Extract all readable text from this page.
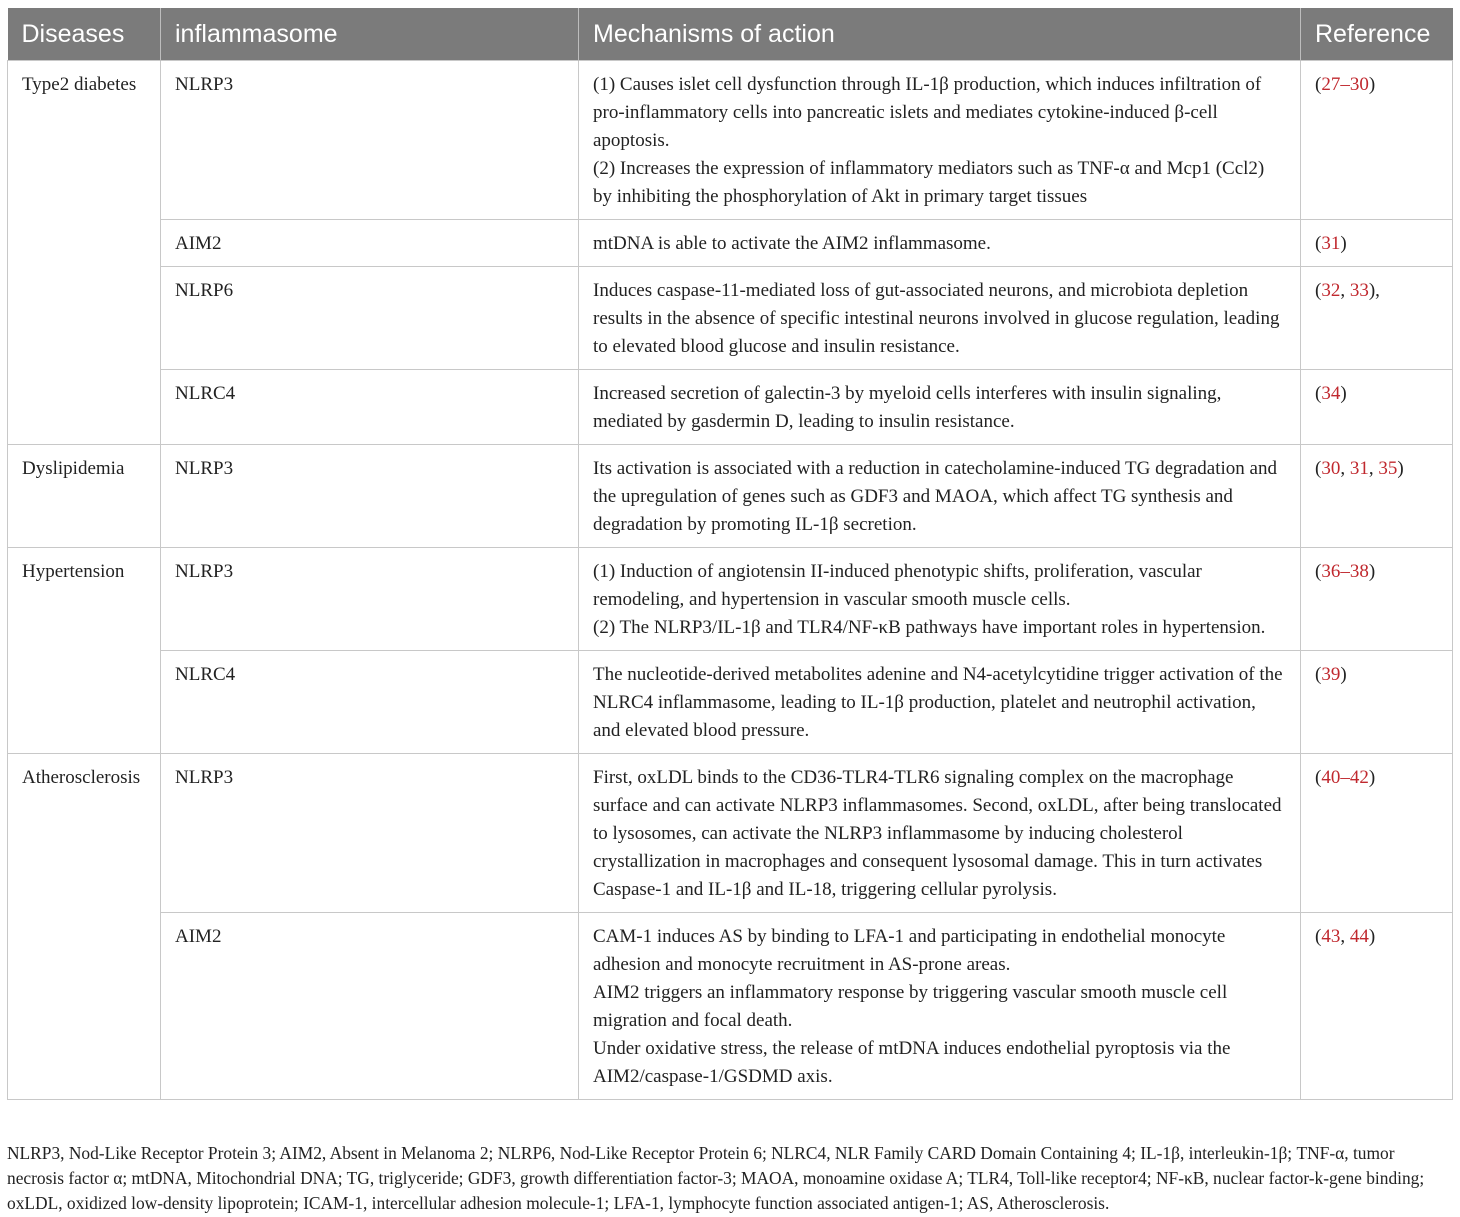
Diseases	inflammasome	Mechanisms of action	Reference
Type2 diabetes	NLRP3	(1) Causes islet cell dysfunction through IL-1β production, which induces infiltration of pro-inflammatory cells into pancreatic islets and mediates cytokine-induced β-cell apoptosis.
(2) Increases the expression of inflammatory mediators such as TNF-α and Mcp1 (Ccl2) by inhibiting the phosphorylation of Akt in primary target tissues	(27–30)
	AIM2	mtDNA is able to activate the AIM2 inflammasome.	(31)
	NLRP6	Induces caspase-11-mediated loss of gut-associated neurons, and microbiota depletion results in the absence of specific intestinal neurons involved in glucose regulation, leading to elevated blood glucose and insulin resistance.	(32, 33),
	NLRC4	Increased secretion of galectin-3 by myeloid cells interferes with insulin signaling, mediated by gasdermin D, leading to insulin resistance.	(34)
Dyslipidemia	NLRP3	Its activation is associated with a reduction in catecholamine-induced TG degradation and the upregulation of genes such as GDF3 and MAOA, which affect TG synthesis and degradation by promoting IL-1β secretion.	(30, 31, 35)
Hypertension	NLRP3	(1) Induction of angiotensin II-induced phenotypic shifts, proliferation, vascular remodeling, and hypertension in vascular smooth muscle cells.
(2) The NLRP3/IL-1β and TLR4/NF-κB pathways have important roles in hypertension.	(36–38)
	NLRC4	The nucleotide-derived metabolites adenine and N4-acetylcytidine trigger activation of the NLRC4 inflammasome, leading to IL-1β production, platelet and neutrophil activation, and elevated blood pressure.	(39)
Atherosclerosis	NLRP3	First, oxLDL binds to the CD36-TLR4-TLR6 signaling complex on the macrophage surface and can activate NLRP3 inflammasomes. Second, oxLDL, after being translocated to lysosomes, can activate the NLRP3 inflammasome by inducing cholesterol crystallization in macrophages and consequent lysosomal damage. This in turn activates Caspase-1 and IL-1β and IL-18, triggering cellular pyrolysis.	(40–42)
	AIM2	CAM-1 induces AS by binding to LFA-1 and participating in endothelial monocyte adhesion and monocyte recruitment in AS-prone areas.
AIM2 triggers an inflammatory response by triggering vascular smooth muscle cell migration and focal death.
Under oxidative stress, the release of mtDNA induces endothelial pyroptosis via the AIM2/caspase-1/GSDMD axis.	(43, 44)
NLRP3, Nod-Like Receptor Protein 3; AIM2, Absent in Melanoma 2; NLRP6, Nod-Like Receptor Protein 6; NLRC4, NLR Family CARD Domain Containing 4; IL-1β, interleukin-1β; TNF-α, tumor necrosis factor α; mtDNA, Mitochondrial DNA; TG, triglyceride; GDF3, growth differentiation factor-3; MAOA, monoamine oxidase A; TLR4, Toll-like receptor4; NF-κB, nuclear factor-k-gene binding; oxLDL, oxidized low-density lipoprotein; ICAM-1, intercellular adhesion molecule-1; LFA-1, lymphocyte function associated antigen-1; AS, Atherosclerosis.
